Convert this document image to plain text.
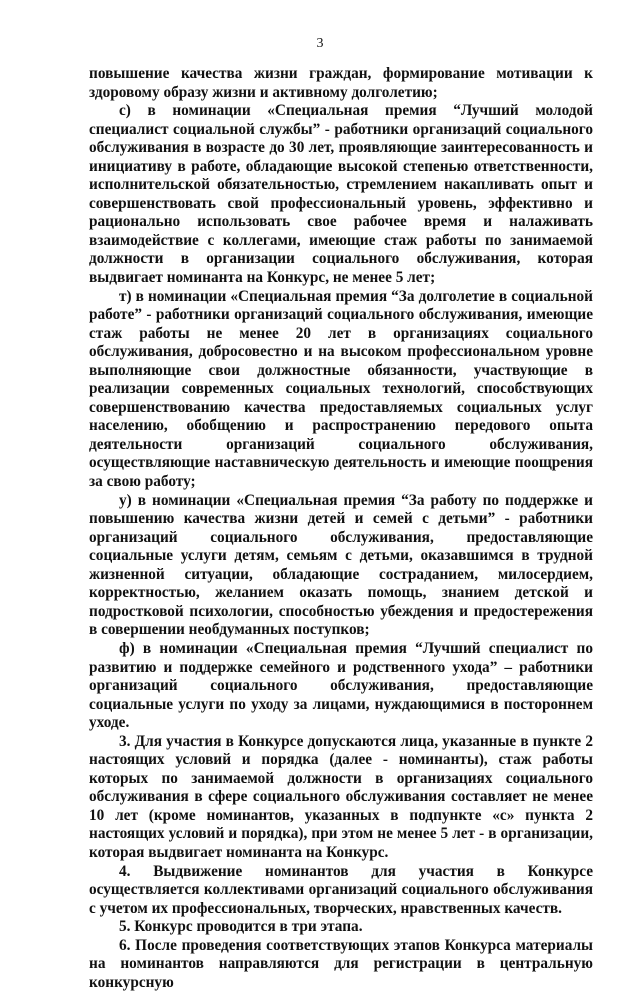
3

повышение качества жизни граждан, формирование мотивации к здоровому образу жизни и активному долголетию;

с) в номинации «Специальная премия “Лучший молодой специалист социальной службы” - работники организаций социального обслуживания в возрасте до 30 лет, проявляющие заинтересованность и инициативу в работе, обладающие высокой степенью ответственности, исполнительской обязательностью, стремлением накапливать опыт и совершенствовать свой профессиональный уровень, эффективно и рационально использовать свое рабочее время и налаживать взаимодействие с коллегами, имеющие стаж работы по занимаемой должности в организации социального обслуживания, которая выдвигает номинанта на Конкурс, не менее 5 лет;

т) в номинации «Специальная премия “За долголетие в социальной работе” - работники организаций социального обслуживания, имеющие стаж работы не менее 20 лет в организациях социального обслуживания, добросовестно и на высоком профессиональном уровне выполняющие свои должностные обязанности, участвующие в реализации современных социальных технологий, способствующих совершенствованию качества предоставляемых социальных услуг населению, обобщению и распространению передового опыта деятельности организаций социального обслуживания, осуществляющие наставническую деятельность и имеющие поощрения за свою работу;

у) в номинации «Специальная премия “За работу по поддержке и повышению качества жизни детей и семей с детьми” - работники организаций социального обслуживания, предоставляющие социальные услуги детям, семьям с детьми, оказавшимся в трудной жизненной ситуации, обладающие состраданием, милосердием, корректностью, желанием оказать помощь, знанием детской и подростковой психологии, способностью убеждения и предостережения в совершении необдуманных поступков;

ф) в номинации «Специальная премия “Лучший специалист по развитию и поддержке семейного и родственного ухода” – работники организаций социального обслуживания, предоставляющие социальные услуги по уходу за лицами, нуждающимися в постороннем уходе.

3. Для участия в Конкурсе допускаются лица, указанные в пункте 2 настоящих условий и порядка (далее - номинанты), стаж работы которых по занимаемой должности в организациях социального обслуживания в сфере социального обслуживания составляет не менее 10 лет (кроме номинантов, указанных в подпункте «с» пункта 2 настоящих условий и порядка), при этом не менее 5 лет - в организации, которая выдвигает номинанта на Конкурс.

4. Выдвижение номинантов для участия в Конкурсе осуществляется коллективами организаций социального обслуживания с учетом их профессиональных, творческих, нравственных качеств.

5. Конкурс проводится в три этапа.

6. После проведения соответствующих этапов Конкурса материалы на номинантов направляются для регистрации в центральную конкурсную
